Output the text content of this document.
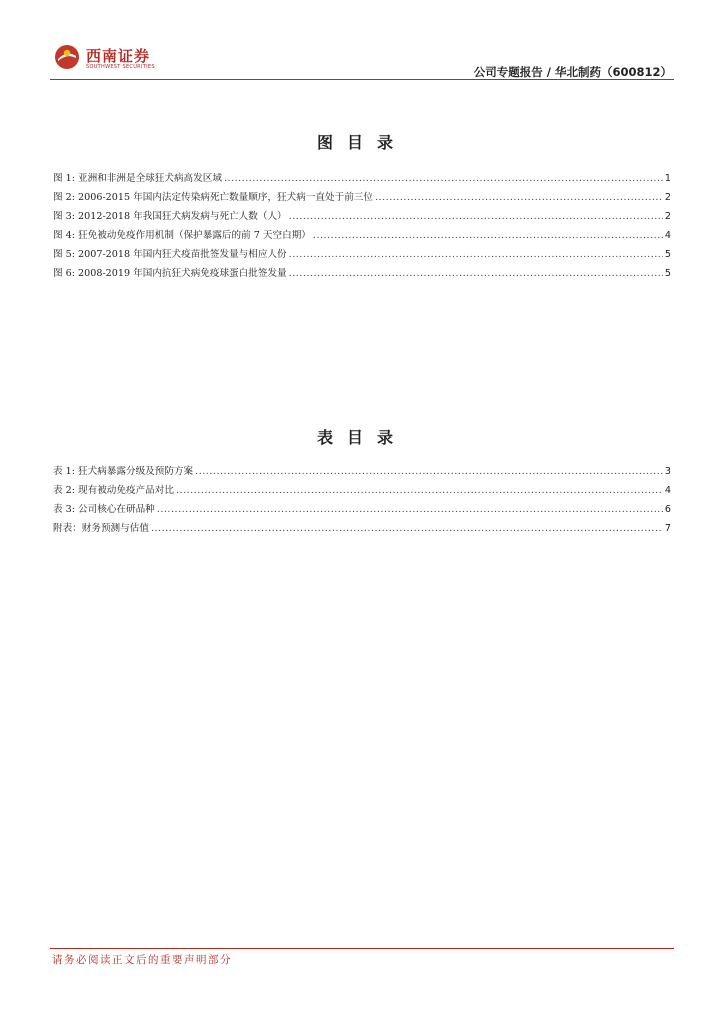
西南证券
SOUTHWEST SECURITIES	公司专题报告 / 华北制药（600812）
图目录
图 1: 亚洲和非洲是全球狂犬病高发区域 .....	1
图 2: 2006-2015 年国内法定传染病死亡数量顺序，狂犬病一直处于前三位 .....	2
图 3: 2012-2018 年我国狂犬病发病与死亡人数（人） .....	2
图 4: 狂免被动免疫作用机制（保护暴露后的前 7 天空白期） .....	4
图 5: 2007-2018 年国内狂犬疫苗批签发量与相应人份 .....	5
图 6: 2008-2019 年国内抗狂犬病免疫球蛋白批签发量 .....	5
表目录
表 1: 狂犬病暴露分级及预防方案 .....	3
表 2: 现有被动免疫产品对比 .....	4
表 3: 公司核心在研品种 .....	6
附表：财务预测与估值 .....	7
请务必阅读正文后的重要声明部分
